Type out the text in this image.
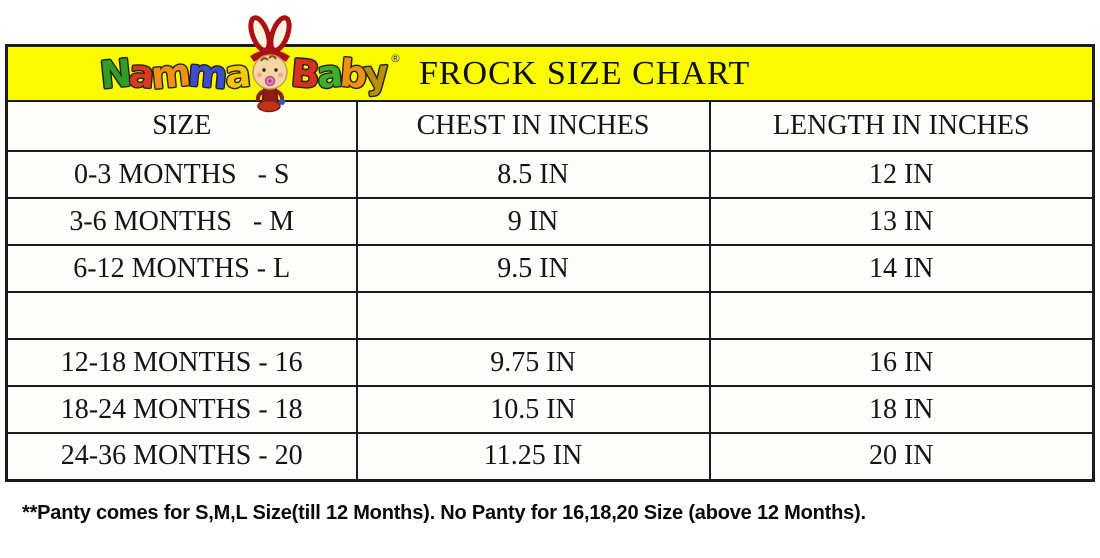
N
a
m
m
a B
a
b
y
® FROCK SIZE CHART

SIZE	CHEST IN INCHES	LENGTH IN INCHES
0-3 MONTHS   - S	8.5 IN	12 IN
3-6 MONTHS   - M	9 IN	13 IN
6-12 MONTHS - L	9.5 IN	14 IN

12-18 MONTHS - 16	9.75 IN	16 IN
18-24 MONTHS - 18	10.5 IN	18 IN
24-36 MONTHS - 20	11.25 IN	20 IN
**Panty comes for S,M,L Size(till 12 Months). No Panty for 16,18,20 Size (above 12 Months).
